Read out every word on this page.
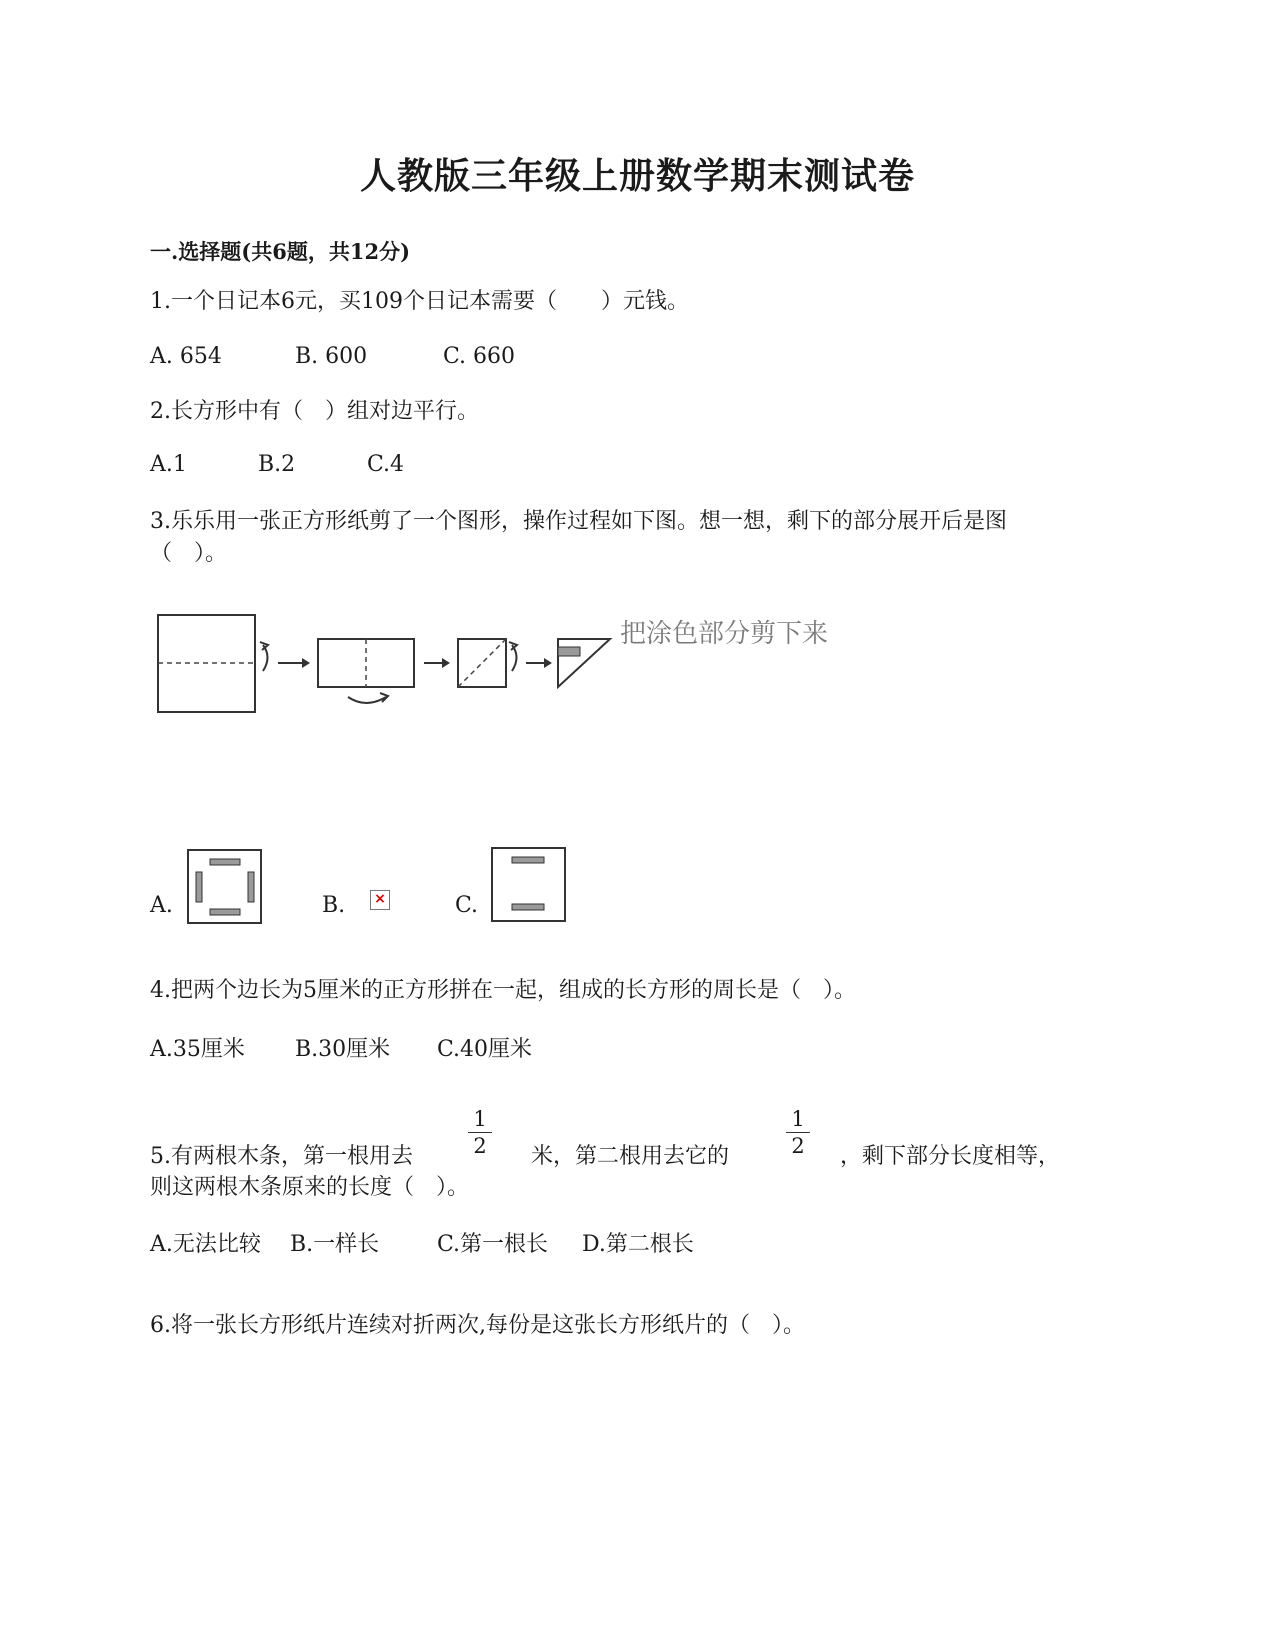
人教版三年级上册数学期末测试卷
一.选择题(共6题，共12分)
1.一个日记本6元，买109个日记本需要（　　）元钱。
A. 654	B. 600	C. 660
2.长方形中有（　）组对边平行。
A.1	B.2	C.4
3.乐乐用一张正方形纸剪了一个图形，操作过程如下图。想一想，剩下的部分展开后是图
（　）。
把涂色部分剪下来
A.	B. ×	C.
4.把两个边长为5厘米的正方形拼在一起，组成的长方形的周长是（　）。
A.35厘米 B.30厘米 C.40厘米
5.有两根木条，第一根用去
1
2 米，第二根用去它的
1
2 ，剩下部分长度相等，
则这两根木条原来的长度（　）。
A.无法比较 B.一样长	C.第一根长 D.第二根长
6.将一张长方形纸片连续对折两次,每份是这张长方形纸片的（　）。
